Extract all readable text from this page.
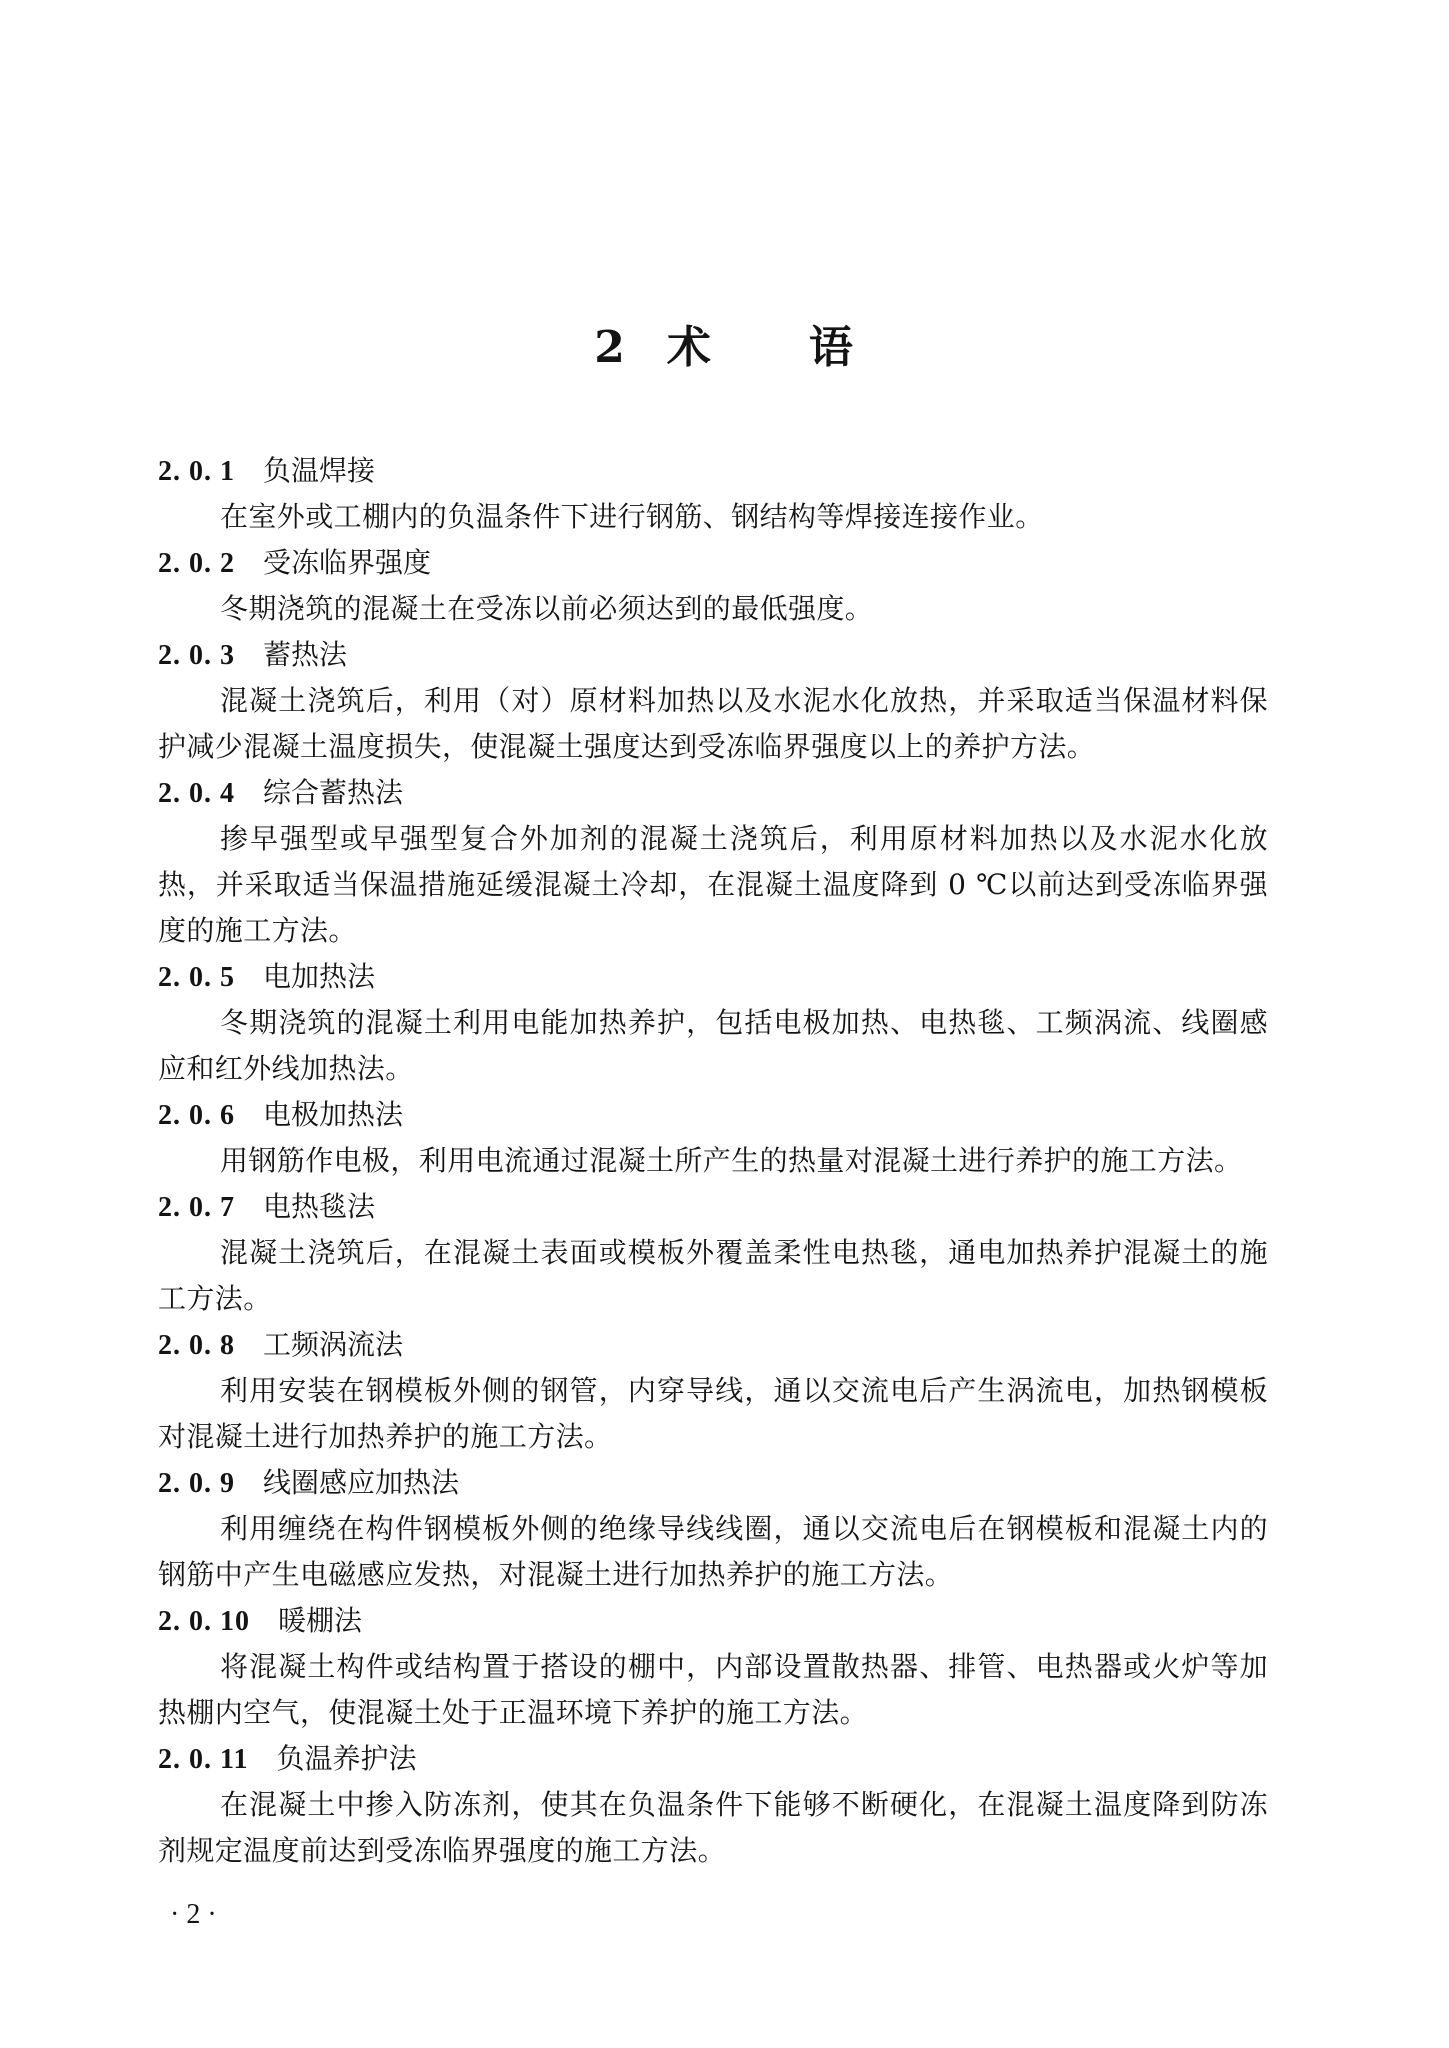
2 术 语
2. 0. 1 负温焊接

在室外或工棚内的负温条件下进行钢筋、钢结构等焊接连接作业。

2. 0. 2 受冻临界强度

冬期浇筑的混凝土在受冻以前必须达到的最低强度。

2. 0. 3 蓄热法

混凝土浇筑后，利用（对）原材料加热以及水泥水化放热，并采取适当保温材料保护减少混凝土温度损失，使混凝土强度达到受冻临界强度以上的养护方法。

2. 0. 4 综合蓄热法

掺早强型或早强型复合外加剂的混凝土浇筑后，利用原材料加热以及水泥水化放热，并采取适当保温措施延缓混凝土冷却，在混凝土温度降到 0 ℃以前达到受冻临界强度的施工方法。

2. 0. 5 电加热法

冬期浇筑的混凝土利用电能加热养护，包括电极加热、电热毯、工频涡流、线圈感应和红外线加热法。

2. 0. 6 电极加热法

用钢筋作电极，利用电流通过混凝土所产生的热量对混凝土进行养护的施工方法。

2. 0. 7 电热毯法

混凝土浇筑后，在混凝土表面或模板外覆盖柔性电热毯，通电加热养护混凝土的施工方法。

2. 0. 8 工频涡流法

利用安装在钢模板外侧的钢管，内穿导线，通以交流电后产生涡流电，加热钢模板对混凝土进行加热养护的施工方法。

2. 0. 9 线圈感应加热法

利用缠绕在构件钢模板外侧的绝缘导线线圈，通以交流电后在钢模板和混凝土内的钢筋中产生电磁感应发热，对混凝土进行加热养护的施工方法。

2. 0. 10 暖棚法

将混凝土构件或结构置于搭设的棚中，内部设置散热器、排管、电热器或火炉等加热棚内空气，使混凝土处于正温环境下养护的施工方法。

2. 0. 11 负温养护法

在混凝土中掺入防冻剂，使其在负温条件下能够不断硬化，在混凝土温度降到防冻剂规定温度前达到受冻临界强度的施工方法。

· 2 ·
